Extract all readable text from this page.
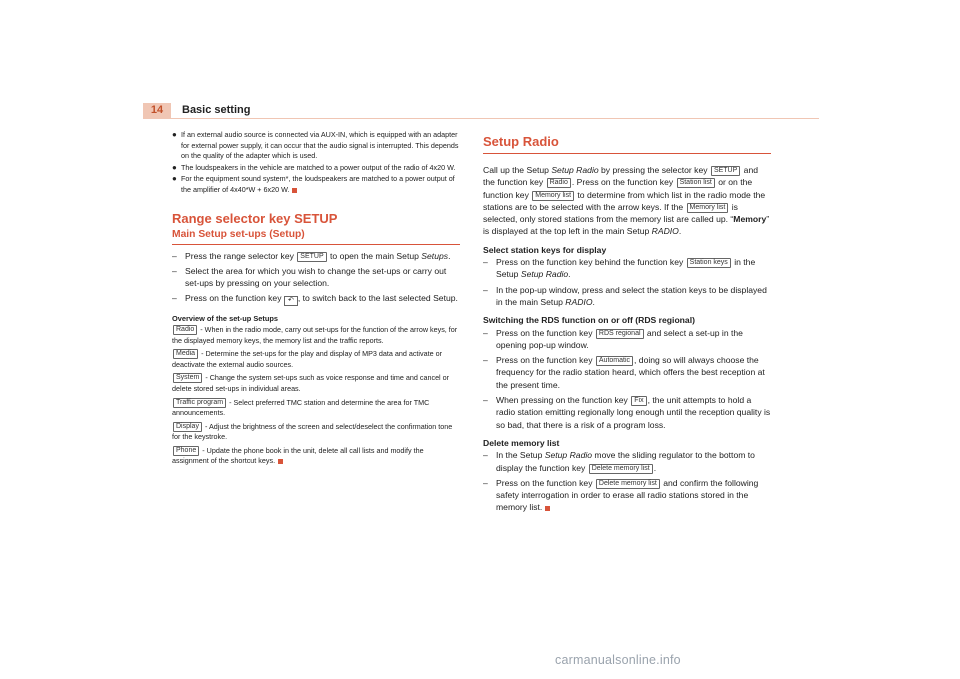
14	Basic setting
● If an external audio source is connected via AUX-IN, which is equipped with an adapter for external power supply, it can occur that the audio signal is interrupted. This depends on the quality of the adapter which is used.
● The loudspeakers in the vehicle are matched to a power output of the radio of 4x20 W.
● For the equipment sound system*, the loudspeakers are matched to a power output of the amplifier of 4x40*W + 6x20 W.
Range selector key SETUP
Main Setup set-ups (Setup)
– Press the range selector key SETUP to open the main Setup Setups.
– Select the area for which you wish to change the set-ups or carry out set-ups by pressing on your selection.
– Press on the function key ↶ , to switch back to the last selected Setup.

Overview of the set-up Setups

Radio - When in the radio mode, carry out set-ups for the function of the arrow keys, for the displayed memory keys, the memory list and the traffic reports.

Media - Determine the set-ups for the play and display of MP3 data and activate or deactivate the external audio sources.

System - Change the system set-ups such as voice response and time and cancel or delete stored set-ups in individual areas.

Traffic program - Select preferred TMC station and determine the area for TMC announcements.

Display - Adjust the brightness of the screen and select/deselect the confirmation tone for the keystroke.

Phone - Update the phone book in the unit, delete all call lists and modify the assignment of the shortcut keys.

Setup Radio

Call up the Setup Setup Radio by pressing the selector key SETUP and the function key Radio . Press on the function key Station list or on the function key Memory list to determine from which list in the radio mode the stations are to be selected with the arrow keys. If the Memory list is selected, only stored stations from the memory list are called up. “Memory” is displayed at the top left in the main Setup RADIO.

Select station keys for display

– Press on the function key behind the function key Station keys in the Setup Setup Radio.
– In the pop-up window, press and select the station keys to be displayed in the main Setup RADIO.

Switching the RDS function on or off (RDS regional)

– Press on the function key RDS regional and select a set-up in the opening pop-up window.
– Press on the function key Automatic , doing so will always choose the frequency for the radio station heard, which offers the best reception at the present time.
– When pressing on the function key Fix , the unit attempts to hold a radio station emitting regionally long enough until the reception quality is so bad, that there is a risk of a program loss.

Delete memory list

– In the Setup Setup Radio move the sliding regulator to the bottom to display the function key Delete memory list .
– Press on the function key Delete memory list and confirm the following safety interrogation in order to erase all radio stations stored in the memory list.
carmanualsonline.info
